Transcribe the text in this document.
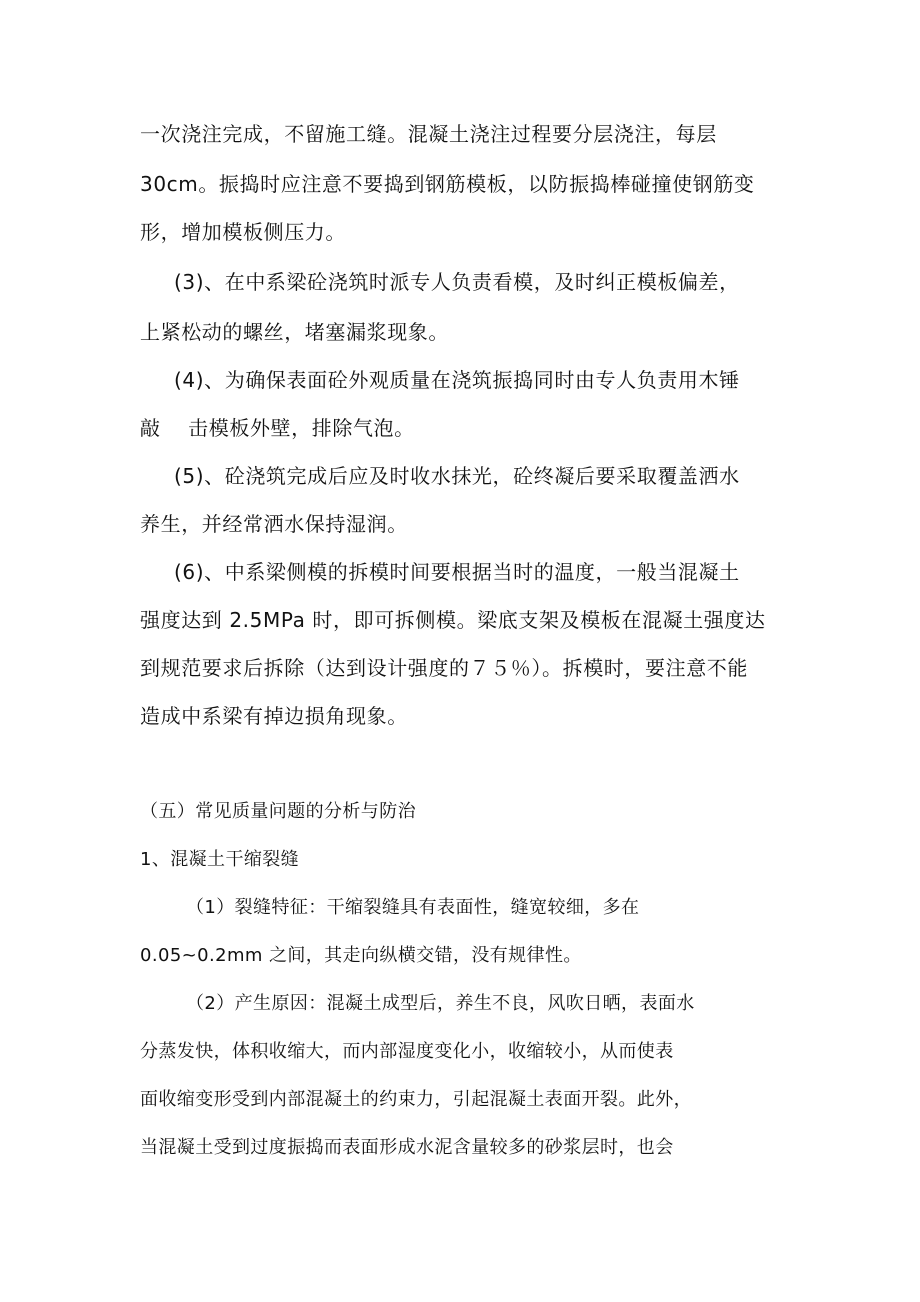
一次浇注完成，不留施工缝。混凝土浇注过程要分层浇注，每层
30cm。振捣时应注意不要捣到钢筋模板，以防振捣棒碰撞使钢筋变
形，增加模板侧压力。
(3)、在中系梁砼浇筑时派专人负责看模，及时纠正模板偏差，
上紧松动的螺丝，堵塞漏浆现象。
(4)、为确保表面砼外观质量在浇筑振捣同时由专人负责用木锤
敲　 击模板外壁，排除气泡。
(5)、砼浇筑完成后应及时收水抹光，砼终凝后要采取覆盖洒水
养生，并经常洒水保持湿润。
(6)、中系梁侧模的拆模时间要根据当时的温度，一般当混凝土
强度达到 2.5MPa 时，即可拆侧模。梁底支架及模板在混凝土强度达
到规范要求后拆除（达到设计强度的７５％）。拆模时，要注意不能
造成中系梁有掉边损角现象。
（五）常见质量问题的分析与防治
1、混凝土干缩裂缝
（1）裂缝特征：干缩裂缝具有表面性，缝宽较细，多在
0.05~0.2mm 之间，其走向纵横交错，没有规律性。
（2）产生原因：混凝土成型后，养生不良，风吹日晒，表面水
分蒸发快，体积收缩大，而内部湿度变化小，收缩较小，从而使表
面收缩变形受到内部混凝土的约束力，引起混凝土表面开裂。此外，
当混凝土受到过度振捣而表面形成水泥含量较多的砂浆层时，也会
